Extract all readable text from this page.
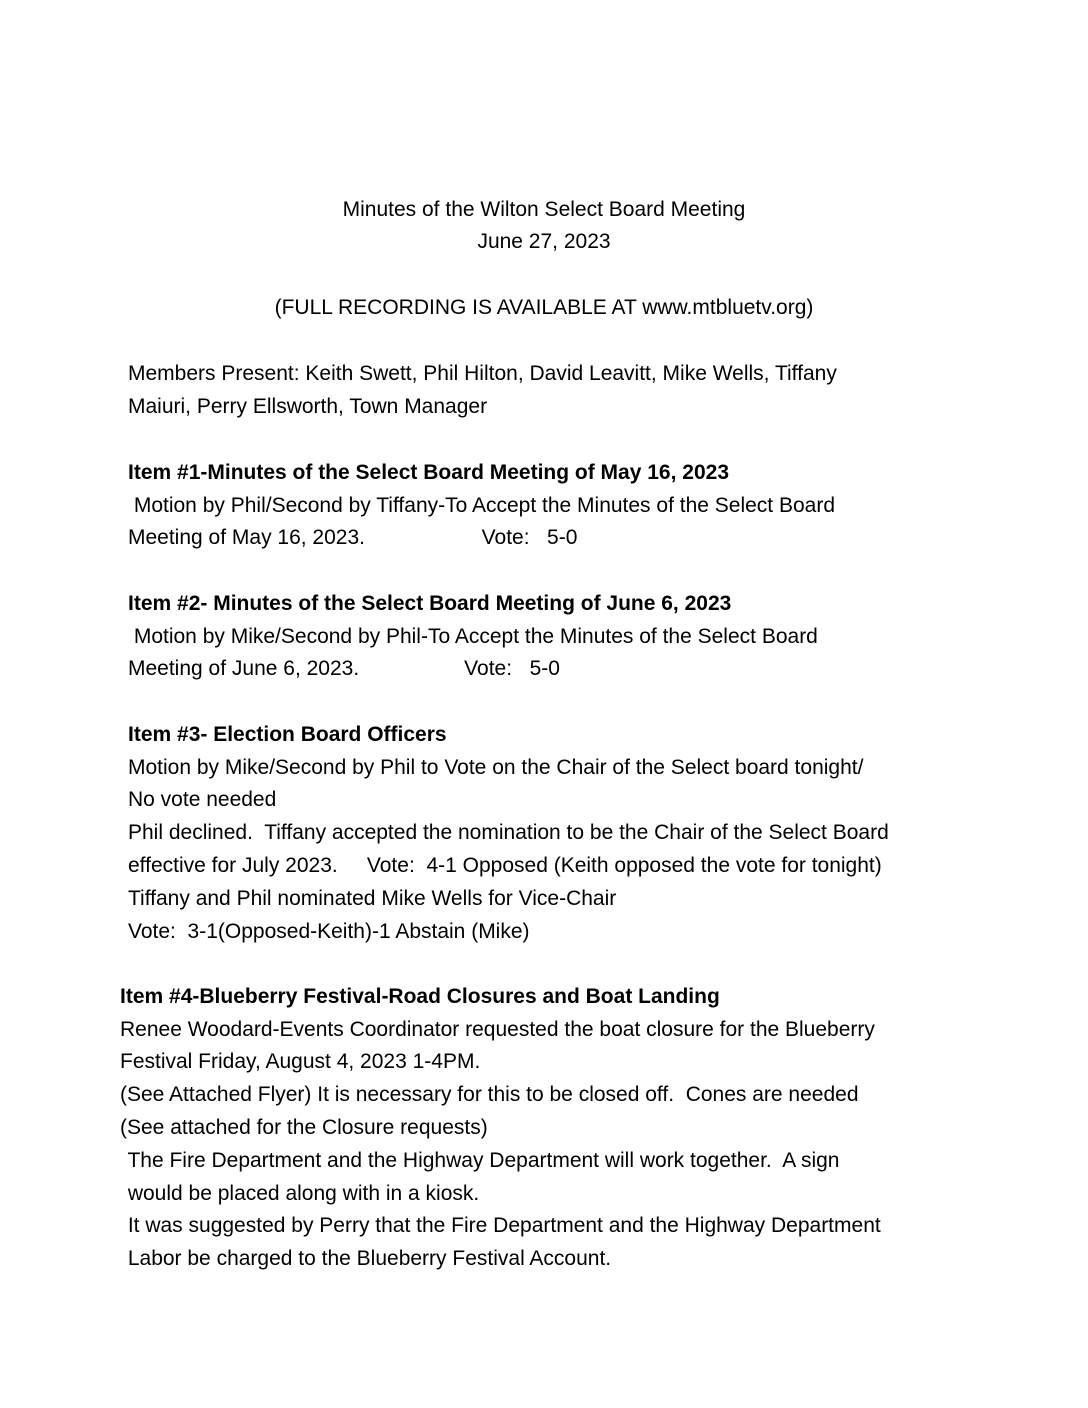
Minutes of the Wilton Select Board Meeting
June 27, 2023
(FULL RECORDING IS AVAILABLE AT www.mtbluetv.org)
Members Present: Keith Swett, Phil Hilton, David Leavitt, Mike Wells, Tiffany
Maiuri, Perry Ellsworth, Town Manager
Item #1-Minutes of the Select Board Meeting of May 16, 2023
Motion by Phil/Second by Tiffany-To Accept the Minutes of the Select Board
Meeting of May 16, 2023.                    Vote:   5-0
Item #2- Minutes of the Select Board Meeting of June 6, 2023
Motion by Mike/Second by Phil-To Accept the Minutes of the Select Board
Meeting of June 6, 2023.                  Vote:   5-0
Item #3- Election Board Officers
Motion by Mike/Second by Phil to Vote on the Chair of the Select board tonight/
No vote needed
Phil declined.  Tiffany accepted the nomination to be the Chair of the Select Board
effective for July 2023.     Vote:  4-1 Opposed (Keith opposed the vote for tonight)
Tiffany and Phil nominated Mike Wells for Vice-Chair
Vote:  3-1(Opposed-Keith)-1 Abstain (Mike)
Item #4-Blueberry Festival-Road Closures and Boat Landing
Renee Woodard-Events Coordinator requested the boat closure for the Blueberry
Festival Friday, August 4, 2023 1-4PM.
(See Attached Flyer) It is necessary for this to be closed off.  Cones are needed
(See attached for the Closure requests)
The Fire Department and the Highway Department will work together.  A sign
would be placed along with in a kiosk.
It was suggested by Perry that the Fire Department and the Highway Department
Labor be charged to the Blueberry Festival Account.
